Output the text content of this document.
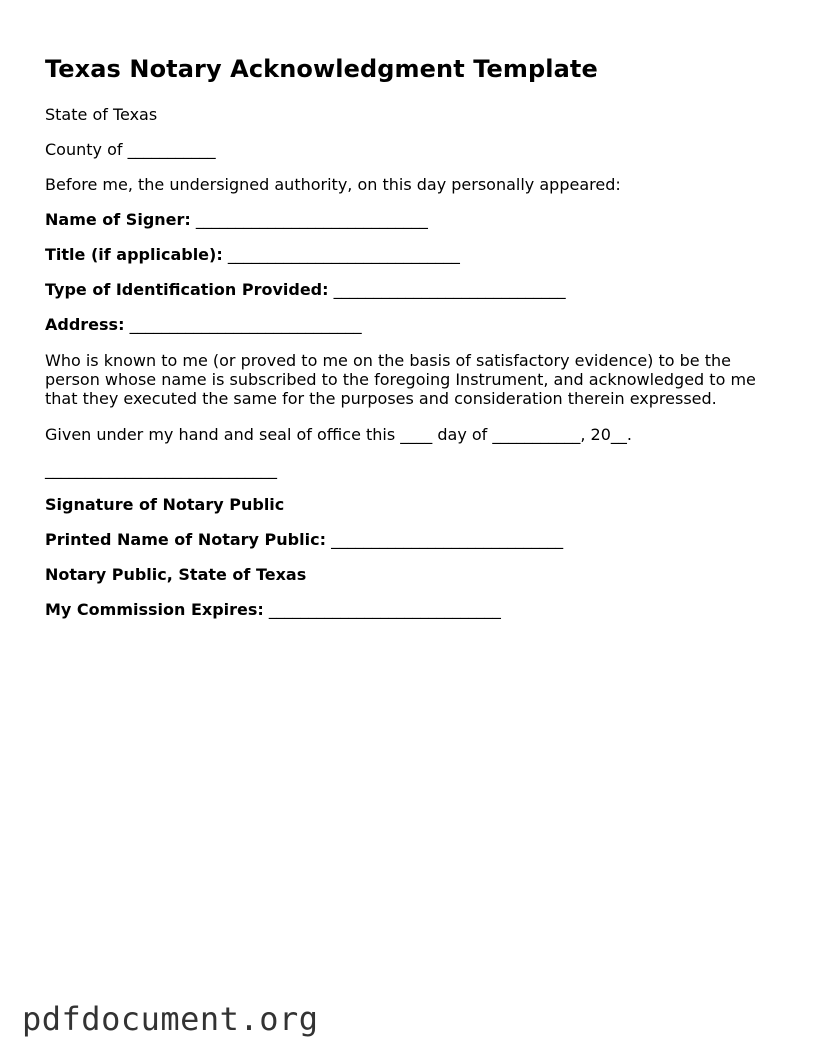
Texas Notary Acknowledgment Template

State of Texas

County of ___________

Before me, the undersigned authority, on this day personally appeared:

Name of Signer: _____________________________

Title (if applicable): _____________________________

Type of Identification Provided: _____________________________

Address: _____________________________

Who is known to me (or proved to me on the basis of satisfactory evidence) to be the
person whose name is subscribed to the foregoing Instrument, and acknowledged to me
that they executed the same for the purposes and consideration therein expressed.

Given under my hand and seal of office this ____ day of ___________, 20__.

_____________________________

Signature of Notary Public

Printed Name of Notary Public: _____________________________

Notary Public, State of Texas

My Commission Expires: _____________________________

pdfdocument.org
